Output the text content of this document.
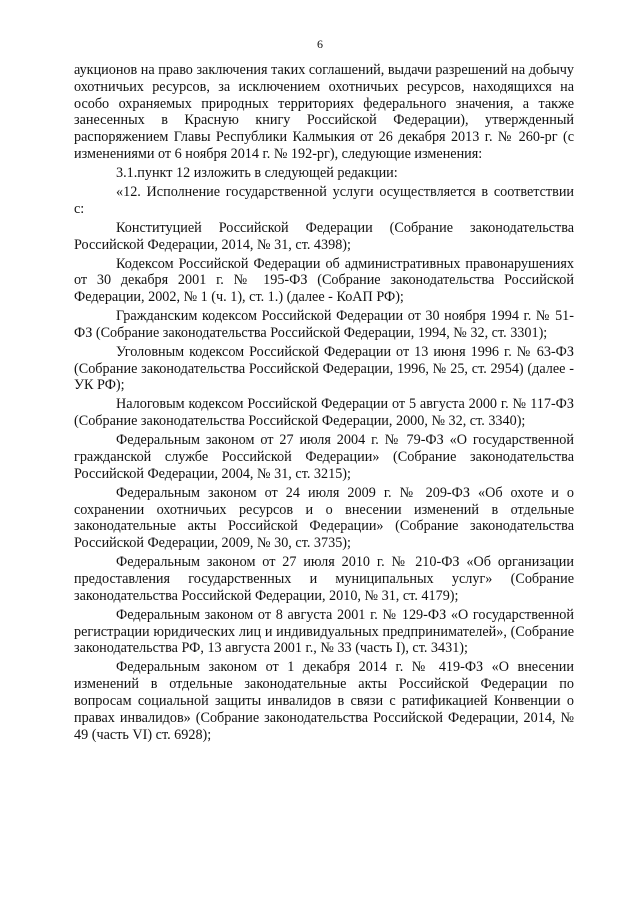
6

аукционов на право заключения таких соглашений, выдачи разрешений на добычу охотничьих ресурсов, за исключением охотничьих ресурсов, находящихся на особо охраняемых природных территориях федерального значения, а также занесенных в Красную книгу Российской Федерации), утвержденный распоряжением Главы Республики Калмыкия от 26 декабря 2013 г. № 260-рг (с изменениями от 6 ноября 2014 г. № 192-рг), следующие изменения:

3.1.пункт 12 изложить в следующей редакции:

«12. Исполнение государственной услуги осуществляется в соответствии с:

Конституцией Российской Федерации (Собрание законодательства Российской Федерации, 2014, № 31, ст. 4398);

Кодексом Российской Федерации об административных правонарушениях от 30 декабря 2001 г. № 195-ФЗ (Собрание законодательства Российской Федерации, 2002, № 1 (ч. 1), ст. 1.) (далее - КоАП РФ);

Гражданским кодексом Российской Федерации от 30 ноября 1994 г. № 51-ФЗ (Собрание законодательства Российской Федерации, 1994, № 32, ст. 3301);

Уголовным кодексом Российской Федерации от 13 июня 1996 г. № 63-ФЗ (Собрание законодательства Российской Федерации, 1996, № 25, ст. 2954) (далее - УК РФ);

Налоговым кодексом Российской Федерации от 5 августа 2000 г. № 117-ФЗ (Собрание законодательства Российской Федерации, 2000, № 32, ст. 3340);

Федеральным законом от 27 июля 2004 г. № 79-ФЗ «О государственной гражданской службе Российской Федерации» (Собрание законодательства Российской Федерации, 2004, № 31, ст. 3215);

Федеральным законом от 24 июля 2009 г. № 209-ФЗ «Об охоте и о сохранении охотничьих ресурсов и о внесении изменений в отдельные законодательные акты Российской Федерации» (Собрание законодательства Российской Федерации, 2009, № 30, ст. 3735);

Федеральным законом от 27 июля 2010 г. № 210-ФЗ «Об организации предоставления государственных и муниципальных услуг» (Собрание законодательства Российской Федерации, 2010, № 31, ст. 4179);

Федеральным законом от 8 августа 2001 г. № 129-ФЗ «О государственной регистрации юридических лиц и индивидуальных предпринимателей», (Собрание законодательства РФ, 13 августа 2001 г., № 33 (часть I), ст. 3431);

Федеральным законом от 1 декабря 2014 г. № 419-ФЗ «О внесении изменений в отдельные законодательные акты Российской Федерации по вопросам социальной защиты инвалидов в связи с ратификацией Конвенции о правах инвалидов» (Собрание законодательства Российской Федерации, 2014, № 49 (часть VI) ст. 6928);
